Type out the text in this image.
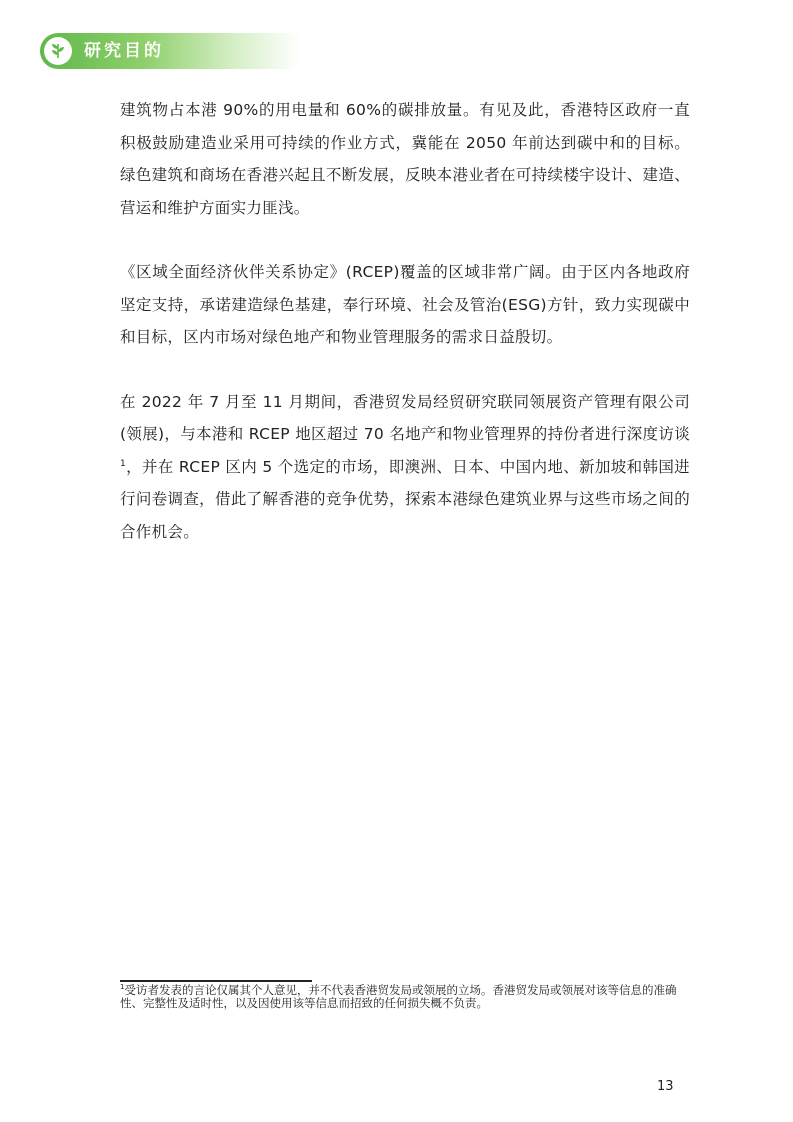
研究目的

建筑物占本港 90%的用电量和 60%的碳排放量。有见及此，香港特区政府一直积极鼓励建造业采用可持续的作业方式，冀能在 2050 年前达到碳中和的目标。绿色建筑和商场在香港兴起且不断发展，反映本港业者在可持续楼宇设计、建造、营运和维护方面实力匪浅。

《区域全面经济伙伴关系协定》(RCEP)覆盖的区域非常广阔。由于区内各地政府坚定支持，承诺建造绿色基建，奉行环境、社会及管治(ESG)方针，致力实现碳中和目标，区内市场对绿色地产和物业管理服务的需求日益殷切。

在 2022 年 7 月至 11 月期间，香港贸发局经贸研究联同领展资产管理有限公司(领展)，与本港和 RCEP 地区超过 70 名地产和物业管理界的持份者进行深度访谈$^1$，并在 RCEP 区内 5 个选定的市场，即澳洲、日本、中国内地、新加坡和韩国进行问卷调查，借此了解香港的竞争优势，探索本港绿色建筑业界与这些市场之间的合作机会。

$^1$受访者发表的言论仅属其个人意见，并不代表香港贸发局或领展的立场。香港贸发局或领展对该等信息的准确性、完整性及适时性，以及因使用该等信息而招致的任何损失概不负责。
13
